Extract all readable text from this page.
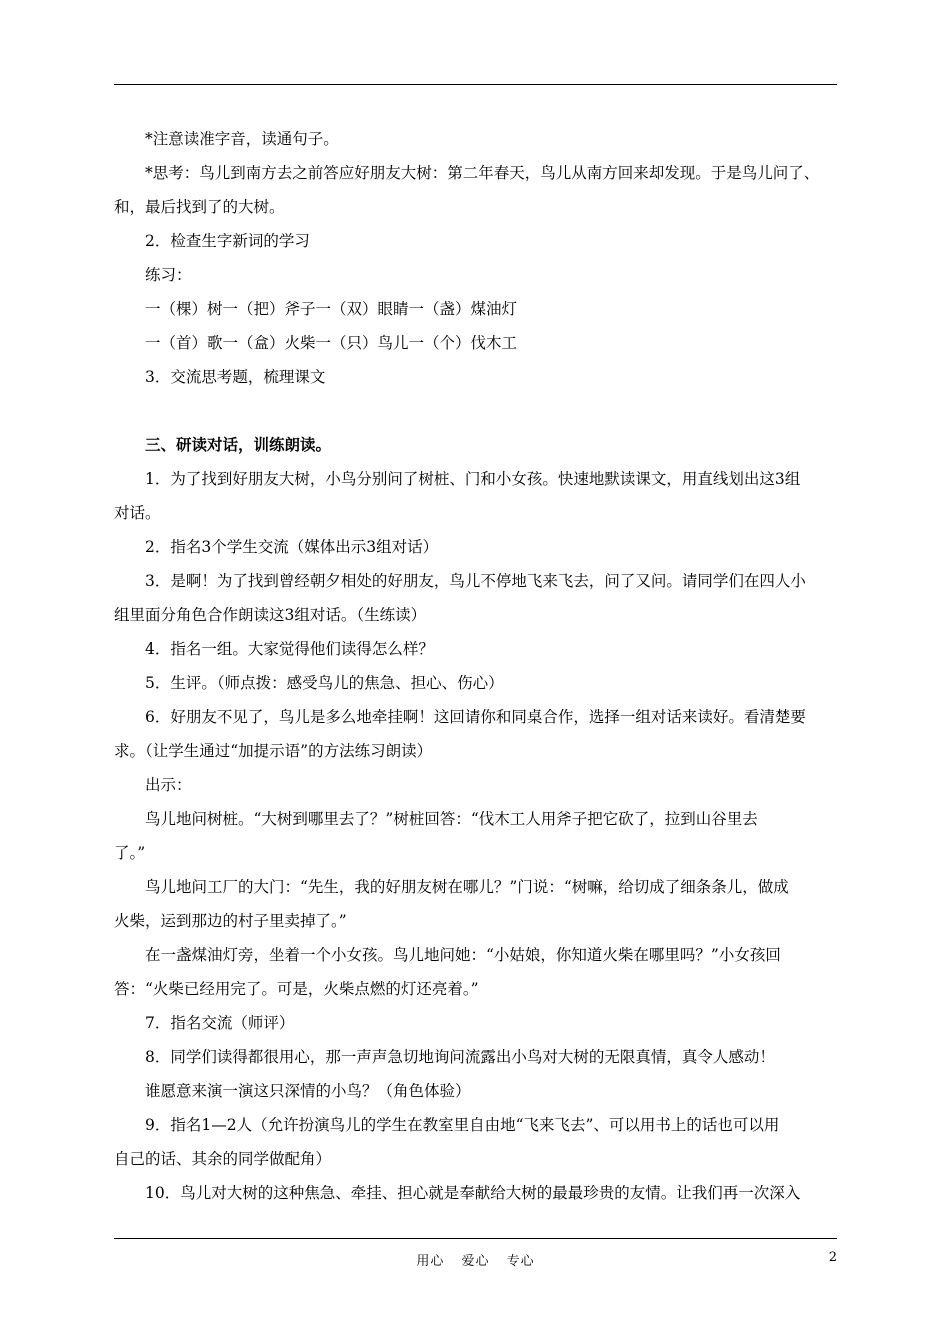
*注意读准字音，读通句子。
*思考：鸟儿到南方去之前答应好朋友大树：第二年春天，鸟儿从南方回来却发现。于是鸟儿问了、
和，最后找到了的大树。
2．检查生字新词的学习
练习：
一（棵）树一（把）斧子一（双）眼睛一（盏）煤油灯
一（首）歌一（盒）火柴一（只）鸟儿一（个）伐木工
3．交流思考题，梳理课文
三、研读对话，训练朗读。
1．为了找到好朋友大树，小鸟分别问了树桩、门和小女孩。快速地默读课文，用直线划出这3组
对话。
2．指名3个学生交流（媒体出示3组对话）
3．是啊！为了找到曾经朝夕相处的好朋友，鸟儿不停地飞来飞去，问了又问。请同学们在四人小
组里面分角色合作朗读这3组对话。（生练读）
4．指名一组。大家觉得他们读得怎么样？
5．生评。（师点拨：感受鸟儿的焦急、担心、伤心）
6．好朋友不见了，鸟儿是多么地牵挂啊！这回请你和同桌合作，选择一组对话来读好。看清楚要
求。（让学生通过“加提示语”的方法练习朗读）
出示：
鸟儿地问树桩。“大树到哪里去了？”树桩回答：“伐木工人用斧子把它砍了，拉到山谷里去
了。”
鸟儿地问工厂的大门：“先生，我的好朋友树在哪儿？”门说：“树嘛，给切成了细条条儿，做成
火柴，运到那边的村子里卖掉了。”
在一盏煤油灯旁，坐着一个小女孩。鸟儿地问她：“小姑娘，你知道火柴在哪里吗？”小女孩回
答：“火柴已经用完了。可是，火柴点燃的灯还亮着。”
7．指名交流（师评）
8．同学们读得都很用心，那一声声急切地询问流露出小鸟对大树的无限真情，真令人感动！
谁愿意来演一演这只深情的小鸟？（角色体验）
9．指名1—2人（允许扮演鸟儿的学生在教室里自由地“飞来飞去”、可以用书上的话也可以用
自己的话、其余的同学做配角）
10．鸟儿对大树的这种焦急、牵挂、担心就是奉献给大树的最最珍贵的友情。让我们再一次深入
用心 爱心 专心	2
